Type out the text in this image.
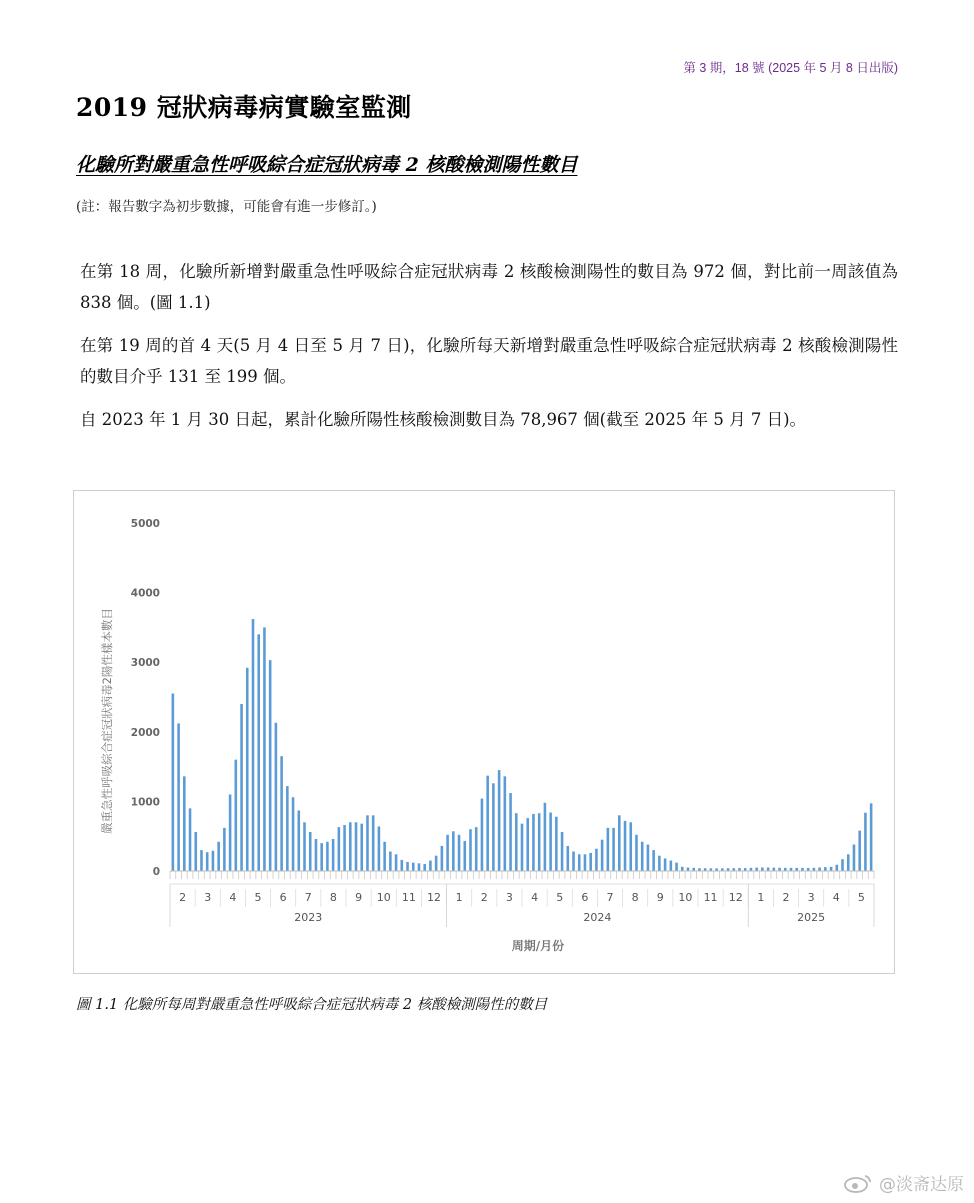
第 3 期，18 號 (2025 年 5 月 8 日出版)
2019 冠狀病毒病實驗室監測
化驗所對嚴重急性呼吸綜合症冠狀病毒 2 核酸檢測陽性數目
(註：報告數字為初步數據，可能會有進一步修訂。)

在第 18 周，化驗所新增對嚴重急性呼吸綜合症冠狀病毒 2 核酸檢測陽性的數目為 972 個，對比前一周該值為 838 個。(圖 1.1)

在第 19 周的首 4 天(5 月 4 日至 5 月 7 日)，化驗所每天新增對嚴重急性呼吸綜合症冠狀病毒 2 核酸檢測陽性的數目介乎 131 至 199 個。

自 2023 年 1 月 30 日起，累計化驗所陽性核酸檢測數目為 78,967 個(截至 2025 年 5 月 7 日)。

嚴重急性呼吸綜合症冠狀病毒2陽性樣本數目
0
1000
2000
3000
4000
5000
2 3 4 5 6 7 8 9 10 11 12 1 2 3 4 5 6 7 8 9 10 11 12 1 2 3 4 5
2023	2024	2025
周期/月份
圖 1.1 化驗所每周對嚴重急性呼吸綜合症冠狀病毒 2 核酸檢測陽性的數目
@淡斋达原
